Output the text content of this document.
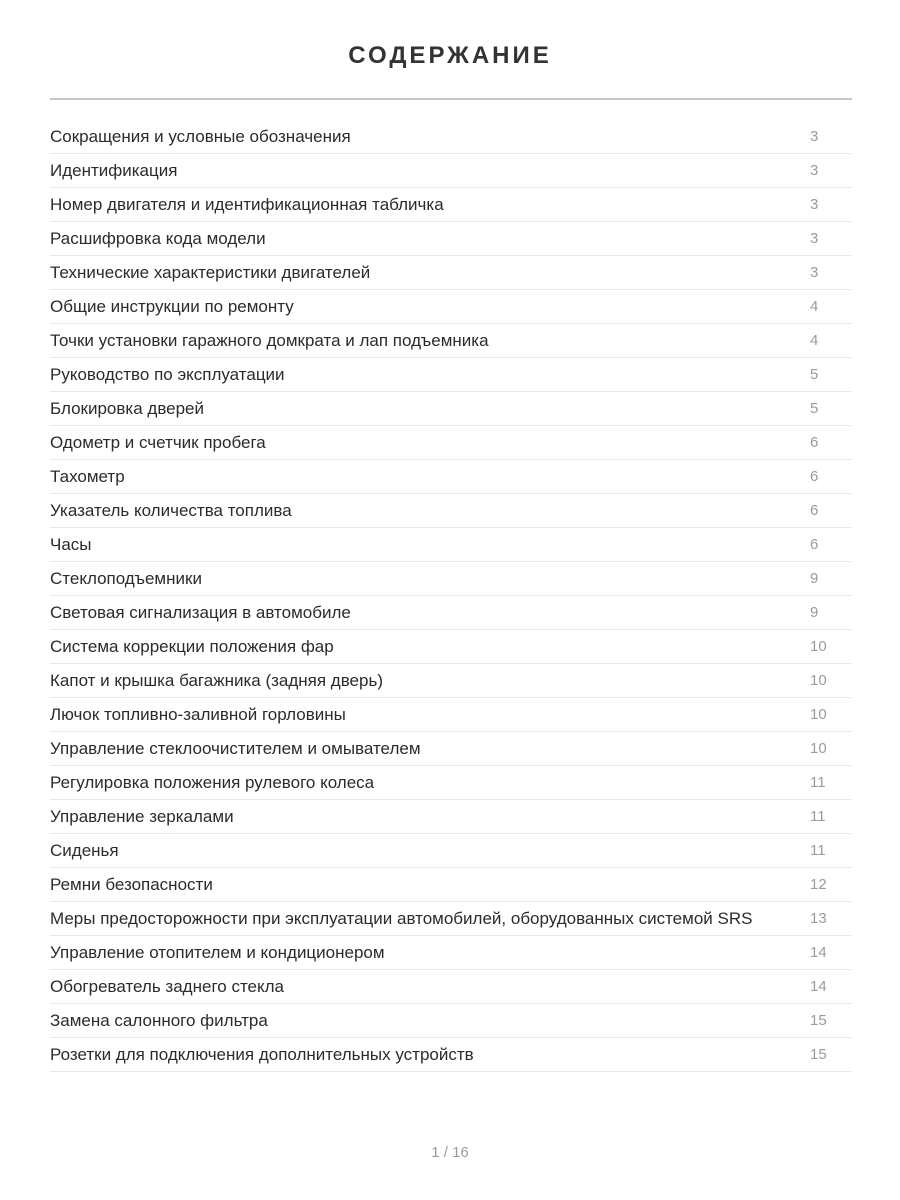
СОДЕРЖАНИЕ
Сокращения и условные обозначения	3
Идентификация	3
Номер двигателя и идентификационная табличка	3
Расшифровка кода модели	3
Технические характеристики двигателей	3
Общие инструкции по ремонту	4
Точки установки гаражного домкрата и лап подъемника	4
Руководство по эксплуатации	5
Блокировка дверей	5
Одометр и счетчик пробега	6
Тахометр	6
Указатель количества топлива	6
Часы	6
Стеклоподъемники	9
Световая сигнализация в автомобиле	9
Система коррекции положения фар	10
Капот и крышка багажника (задняя дверь)	10
Лючок топливно-заливной горловины	10
Управление стеклоочистителем и омывателем	10
Регулировка положения рулевого колеса	11
Управление зеркалами	11
Сиденья	11
Ремни безопасности	12
Меры предосторожности при эксплуатации автомобилей, оборудованных системой SRS	13
Управление отопителем и кондиционером	14
Обогреватель заднего стекла	14
Замена салонного фильтра	15
Розетки для подключения дополнительных устройств	15
1 / 16
